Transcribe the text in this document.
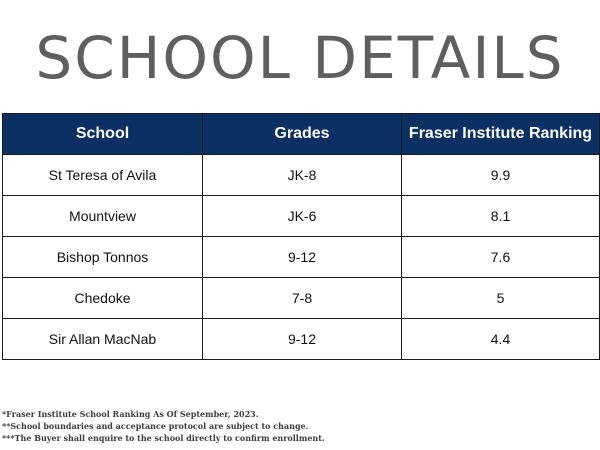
SCHOOL DETAILS
School	Grades	Fraser Institute Ranking
St Teresa of Avila	JK-8	9.9
Mountview	JK-6	8.1
Bishop Tonnos	9-12	7.6
Chedoke	7-8	5
Sir Allan MacNab	9-12	4.4
*Fraser Institute School Ranking As Of September, 2023.
**School boundaries and acceptance protocol are subject to change.
***The Buyer shall enquire to the school directly to confirm enrollment.
